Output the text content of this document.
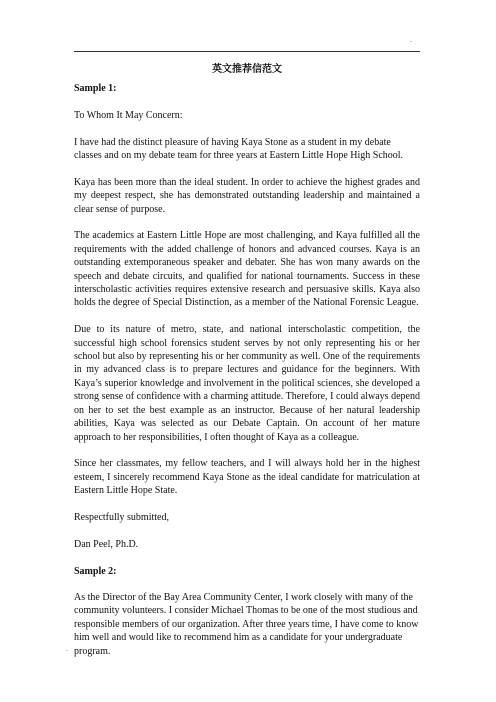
.
英文推荐信范文
Sample 1:

To Whom It May Concern:

I have had the distinct pleasure of having Kaya Stone as a student in my debate classes and on my debate team for three years at Eastern Little Hope High School.

Kaya has been more than the ideal student. In order to achieve the highest grades and my deepest respect, she has demonstrated outstanding leadership and maintained a clear sense of purpose.

The academics at Eastern Little Hope are most challenging, and Kaya fulfilled all the requirements with the added challenge of honors and advanced courses. Kaya is an outstanding extemporaneous speaker and debater. She has won many awards on the speech and debate circuits, and qualified for national tournaments. Success in these interscholastic activities requires extensive research and persuasive skills. Kaya also holds the degree of Special Distinction, as a member of the National Forensic League.

Due to its nature of metro, state, and national interscholastic competition, the successful high school forensics student serves by not only representing his or her school but also by representing his or her community as well. One of the requirements in my advanced class is to prepare lectures and guidance for the beginners. With Kaya’s superior knowledge and involvement in the political sciences, she developed a strong sense of confidence with a charming attitude. Therefore, I could always depend on her to set the best example as an instructor. Because of her natural leadership abilities, Kaya was selected as our Debate Captain. On account of her mature approach to her responsibilities, I often thought of Kaya as a colleague.

Since her classmates, my fellow teachers, and I will always hold her in the highest esteem, I sincerely recommend Kaya Stone as the ideal candidate for matriculation at Eastern Little Hope State.

Respectfully submitted,

Dan Peel, Ph.D.

Sample 2:

As the Director of the Bay Area Community Center, I work closely with many of the community volunteers. I consider Michael Thomas to be one of the most studious and responsible members of our organization. After three years time, I have come to know him well and would like to recommend him as a candidate for your undergraduate program.

.
